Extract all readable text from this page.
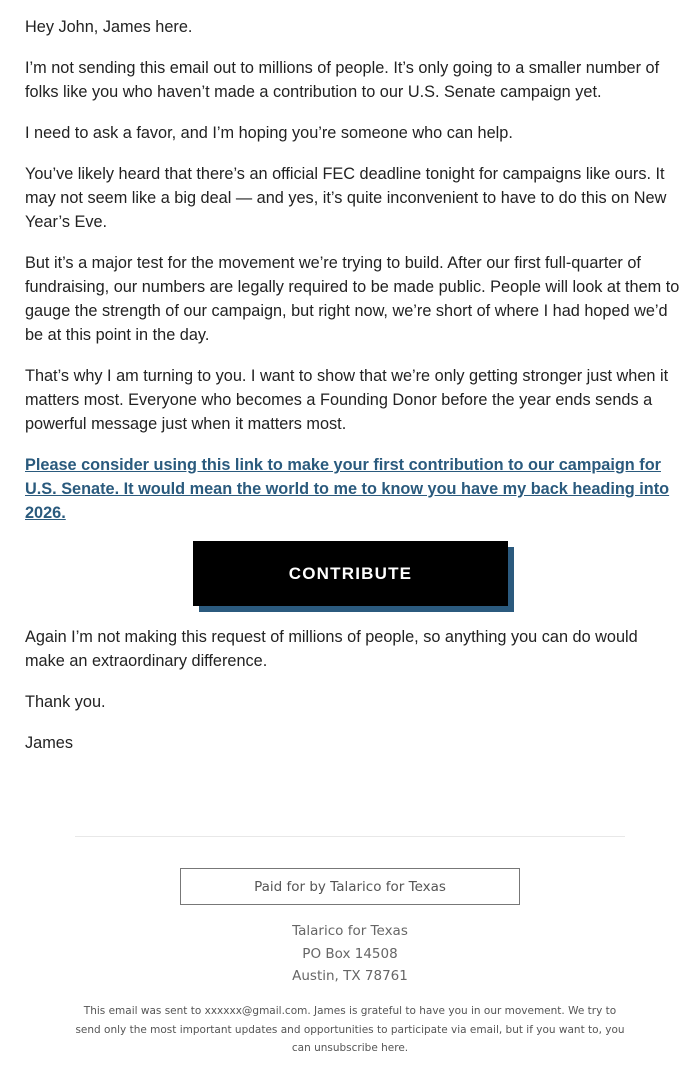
Hey John, James here.

I’m not sending this email out to millions of people. It’s only going to a smaller number of folks like you who haven’t made a contribution to our U.S. Senate campaign yet.

I need to ask a favor, and I’m hoping you’re someone who can help.

You’ve likely heard that there’s an official FEC deadline tonight for campaigns like ours. It may not seem like a big deal — and yes, it’s quite inconvenient to have to do this on New Year’s Eve.

But it’s a major test for the movement we’re trying to build. After our first full-quarter of fundraising, our numbers are legally required to be made public. People will look at them to gauge the strength of our campaign, but right now, we’re short of where I had hoped we’d be at this point in the day.

That’s why I am turning to you. I want to show that we’re only getting stronger just when it matters most. Everyone who becomes a Founding Donor before the year ends sends a powerful message just when it matters most.

Please consider using this link to make your first contribution to our campaign for U.S. Senate. It would mean the world to me to know you have my back heading into 2026.
CONTRIBUTE

Again I’m not making this request of millions of people, so anything you can do would make an extraordinary difference.

Thank you.

James

Paid for by Talarico for Texas
Talarico for Texas
PO Box 14508
Austin, TX 78761
This email was sent to xxxxxx@gmail.com. James is grateful to have you in our movement. We try to send only the most important updates and opportunities to participate via email, but if you want to, you can unsubscribe here.
